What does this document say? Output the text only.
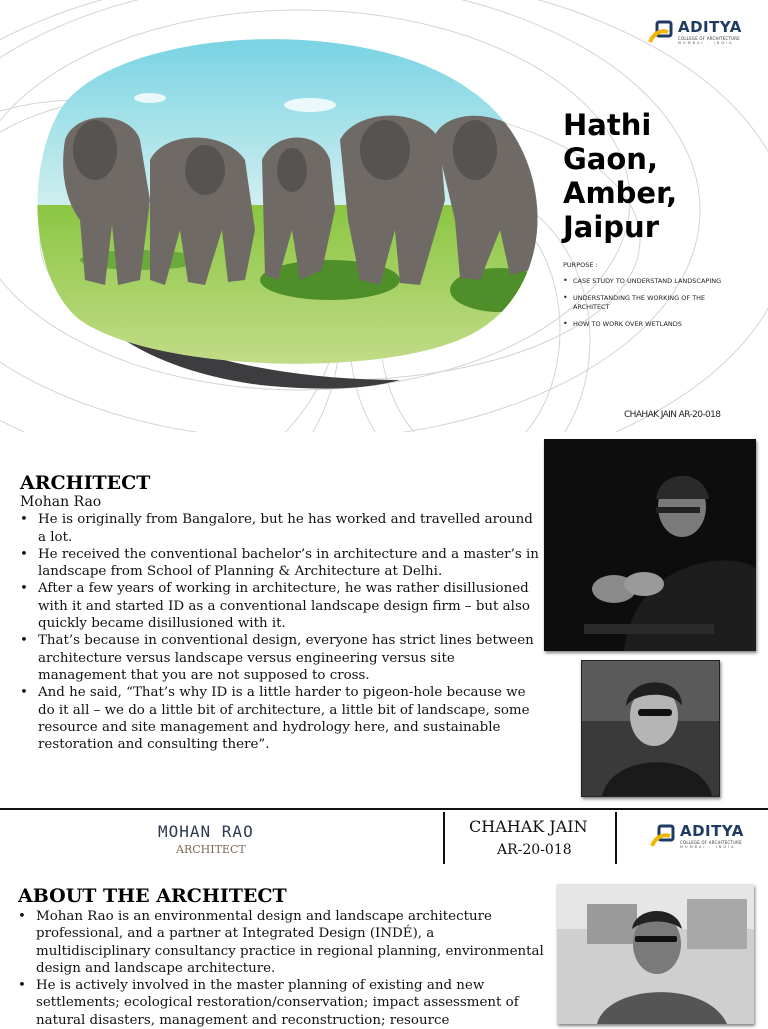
ADITYA
COLLEGE OF ARCHITECTURE
MUMBAI · INDIA
Hathi Gaon, Amber, Jaipur
PURPOSE :
• CASE STUDY TO UNDERSTAND LANDSCAPING
• UNDERSTANDING THE WORKING OF THE ARCHITECT
• HOW TO WORK OVER WETLANDS
CHAHAK JAIN AR-20-018
ARCHITECT
Mohan Rao
• He is originally from Bangalore, but he has worked and travelled around a lot.
• He received the conventional bachelor’s in architecture and a master’s in landscape from School of Planning & Architecture at Delhi.
• After a few years of working in architecture, he was rather disillusioned with it and started ID as a conventional landscape design firm – but also quickly became disillusioned with it.
• That’s because in conventional design, everyone has strict lines between architecture versus landscape versus engineering versus site management that you are not supposed to cross.
• And he said, “That’s why ID is a little harder to pigeon-hole because we do it all – we do a little bit of architecture, a little bit of landscape, some resource and site management and hydrology here, and sustainable restoration and consulting there”.
MOHAN RAO
ARCHITECT
CHAHAK JAIN
AR-20-018
ADITYA
COLLEGE OF ARCHITECTURE
MUMBAI · INDIA
ABOUT THE ARCHITECT
• Mohan Rao is an environmental design and landscape architecture professional, and a partner at Integrated Design (INDÉ), a multidisciplinary consultancy practice in regional planning, environmental design and landscape architecture.
• He is actively involved in the master planning of existing and new settlements; ecological restoration/conservation; impact assessment of natural disasters, management and reconstruction; resource
